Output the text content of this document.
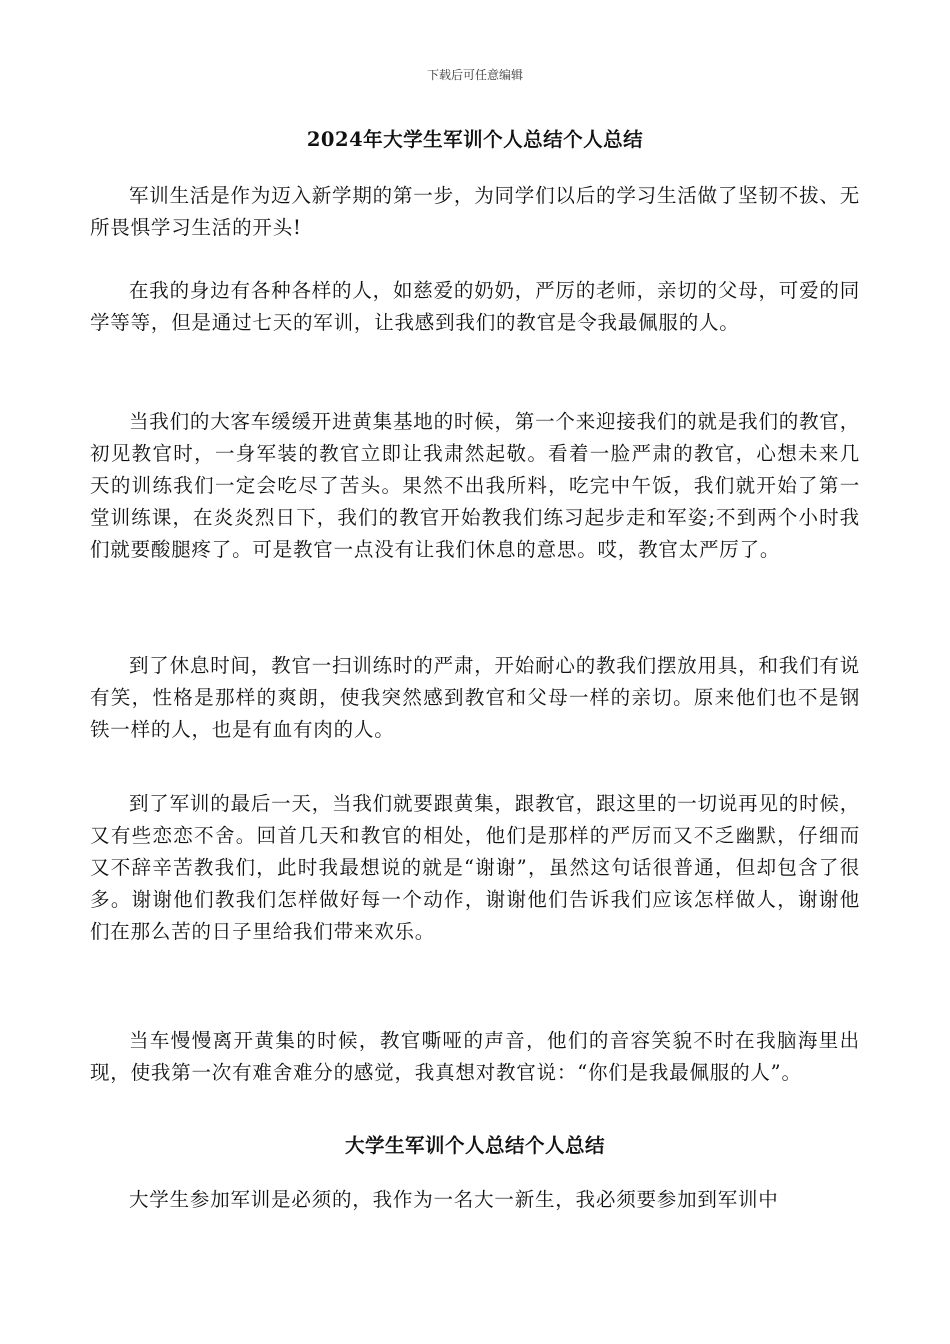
下载后可任意编辑
2024年大学生军训个人总结个人总结

军训生活是作为迈入新学期的第一步，为同学们以后的学习生活做了坚韧不拔、无所畏惧学习生活的开头!

在我的身边有各种各样的人，如慈爱的奶奶，严厉的老师，亲切的父母，可爱的同学等等，但是通过七天的军训，让我感到我们的教官是令我最佩服的人。

当我们的大客车缓缓开进黄集基地的时候，第一个来迎接我们的就是我们的教官，初见教官时，一身军装的教官立即让我肃然起敬。看着一脸严肃的教官，心想未来几天的训练我们一定会吃尽了苦头。果然不出我所料，吃完中午饭，我们就开始了第一堂训练课，在炎炎烈日下，我们的教官开始教我们练习起步走和军姿;不到两个小时我们就要酸腿疼了。可是教官一点没有让我们休息的意思。哎，教官太严厉了。

到了休息时间，教官一扫训练时的严肃，开始耐心的教我们摆放用具，和我们有说有笑，性格是那样的爽朗，使我突然感到教官和父母一样的亲切。原来他们也不是钢铁一样的人，也是有血有肉的人。

到了军训的最后一天，当我们就要跟黄集，跟教官，跟这里的一切说再见的时候，又有些恋恋不舍。回首几天和教官的相处，他们是那样的严厉而又不乏幽默，仔细而又不辞辛苦教我们，此时我最想说的就是“谢谢”，虽然这句话很普通，但却包含了很多。谢谢他们教我们怎样做好每一个动作，谢谢他们告诉我们应该怎样做人，谢谢他们在那么苦的日子里给我们带来欢乐。

当车慢慢离开黄集的时候，教官嘶哑的声音，他们的音容笑貌不时在我脑海里出现，使我第一次有难舍难分的感觉，我真想对教官说：“你们是我最佩服的人”。

大学生军训个人总结个人总结

大学生参加军训是必须的，我作为一名大一新生，我必须要参加到军训中
